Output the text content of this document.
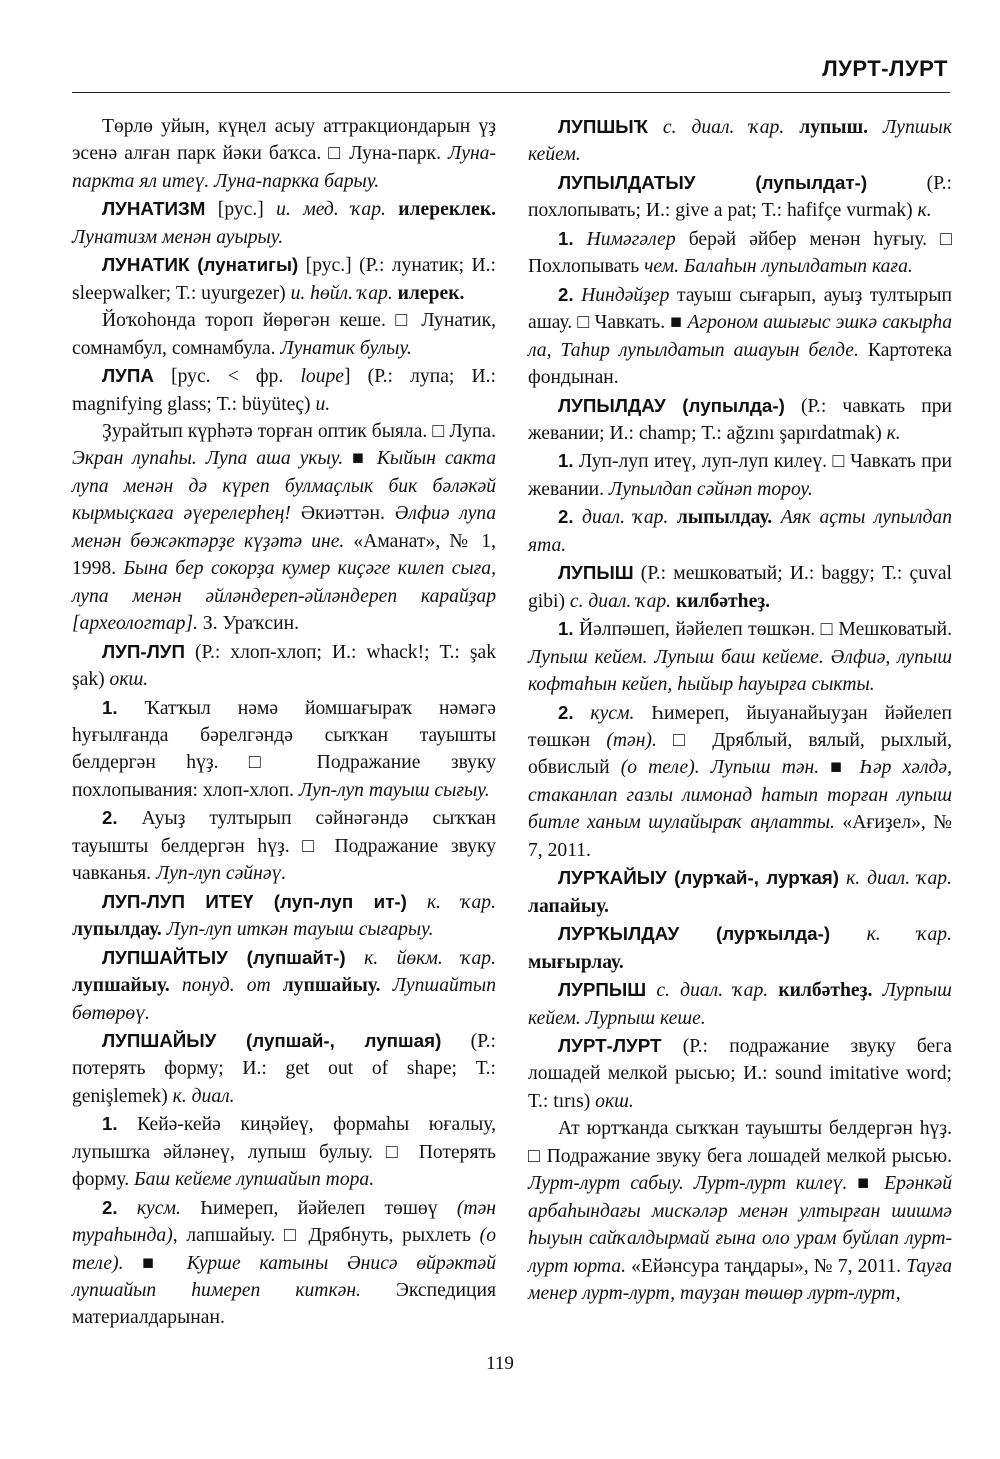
ЛУРТ-ЛУРТ

Төрлө уйын, күңел асыу аттракциондарын үҙ эсенә алған парк йәки баҡса. □ Луна-парк. Луна-паркта ял итеү. Луна-паркка барыу.

ЛУНАТИЗМ [рус.] и. мед. ҡар. илереклек. Лунатизм менән ауырыу.

ЛУНАТИК (лунатигы) [рус.] (Р.: лунатик; И.: sleepwalker; Т.: uyurgezer) и. һөйл. ҡар. илерек.

Йоҡоһонда тороп йөрөгән кеше. □ Лунатик, сомнамбул, сомнамбула. Лунатик булыу.

ЛУПА [рус. < фр. loupe] (Р.: лупа; И.: magnifying glass; Т.: büyüteç) и.

Ҙурайтып күрһәтә торған оптик быяла. □ Лупа. Экран лупаһы. Лупа аша укыу. ■ Кыйын сакта лупа менән дә күреп булмаҫлык бик бәләкәй кырмыҫкаға әүерелерһең! Әкиәттән. Әлфиә лупа менән бөжәктәрҙе күҙәтә ине. «Аманат», № 1, 1998. Бына бер сокорҙа кумер киҫәге килеп сыға, лупа менән әйләндереп-әйләндереп карайҙар [археологтар]. З. Ураҡсин.

ЛУП-ЛУП (Р.: хлоп-хлоп; И.: whack!; Т.: şak şak) окш.

1. Ҡатҡыл нәмә йомшағыраҡ нәмәгә һуғылғанда бәрелгәндә сыҡҡан тауышты белдергән һүҙ. □ Подражание звуку похлопывания: хлоп-хлоп. Луп-луп тауыш сығыу.

2. Ауыҙ тултырып сәйнәгәндә сыҡҡан тауышты белдергән һүҙ. □ Подражание звуку чавканья. Луп-луп сәйнәү.

ЛУП-ЛУП ИТЕҮ (луп-луп ит-) к. ҡар. лупылдау. Луп-луп иткән тауыш сығарыу.

ЛУПШАЙТЫУ (лупшайт-) к. йөкм. ҡар. лупшайыу. понуд. от лупшайыу. Лупшайтып бөтөрөү.

ЛУПШАЙЫУ (лупшай-, лупшая) (Р.: потерять форму; И.: get out of shape; Т.: genişlemek) к. диал.

1. Кейә-кейә киңәйеү, формаһы юғалыу, лупышҡа әйләнеү, лупыш булыу. □ Потерять форму. Баш кейеме лупшайып тора.

2. кусм. Һимереп, йәйелеп төшөү (тән тураһында), лапшайыу. □ Дрябнуть, рыхлеть (о теле). ■ Курше катыны Әнисә өйрәктәй лупшайып һимереп киткән. Экспедиция материалдарынан.

ЛУПШЫҠ с. диал. ҡар. лупыш. Лупшык кейем.

ЛУПЫЛДАТЫУ (лупылдат-) (Р.: похлопывать; И.: give a pat; Т.: hafifçe vurmak) к.

1. Нимәгәлер берәй әйбер менән һуғыу. □ Похлопывать чем. Балаһын лупылдатып каға.

2. Ниндәйҙер тауыш сығарып, ауыҙ тултырып ашау. □ Чавкать. ■ Агроном ашығыс эшкә сакырһа ла, Таһир лупылдатып ашауын белде. Картотека фондынан.

ЛУПЫЛДАУ (лупылда-) (Р.: чавкать при жевании; И.: champ; Т.: ağzını şapırdatmak) к.

1. Луп-луп итеү, луп-луп килеү. □ Чавкать при жевании. Лупылдап сәйнәп тороу.

2. диал. ҡар. лыпылдау. Аяк аҫты лупылдап ята.

ЛУПЫШ (Р.: мешковатый; И.: baggy; Т.: çuval gibi) с. диал. ҡар. килбәтһеҙ.

1. Йәлпәшеп, йәйелеп төшкән. □ Мешковатый. Лупыш кейем. Лупыш баш кейеме. Әлфиә, лупыш кофтаһын кейеп, һыйыр һауырға сыкты.

2. кусм. Һимереп, йыуанайыуҙан йәйелеп төшкән (тән). □ Дряблый, вялый, рыхлый, обвислый (о теле). Лупыш тән. ■ Һәр хәлдә, стаканлап газлы лимонад һатып торған лупыш битле ханым шулайыраҡ аңлатты. «Ағиҙел», № 7, 2011.

ЛУРҠАЙЫУ (лурҡай-, лурҡая) к. диал. ҡар. лапайыу.

ЛУРҠЫЛДАУ (лурҡылда-) к. ҡар. мығырлау.

ЛУРПЫШ с. диал. ҡар. килбәтһеҙ. Лурпыш кейем. Лурпыш кеше.

ЛУРТ-ЛУРТ (Р.: подражание звуку бега лошадей мелкой рысью; И.: sound imitative word; Т.: tırıs) окш.

Ат юртҡанда сыҡҡан тауышты белдергән һүҙ. □ Подражание звуку бега лошадей мелкой рысью. Лурт-лурт сабыу. Лурт-лурт килеү. ■ Ерәнкәй арбаһындағы мискәләр менән ултырған шишмә һыуын сайҡалдырмай ғына оло урам буйлап лурт-лурт юрта. «Ейәнсура таңдары», № 7, 2011. Тауға менер лурт-лурт, тауҙан төшөр лурт-лурт,

119
